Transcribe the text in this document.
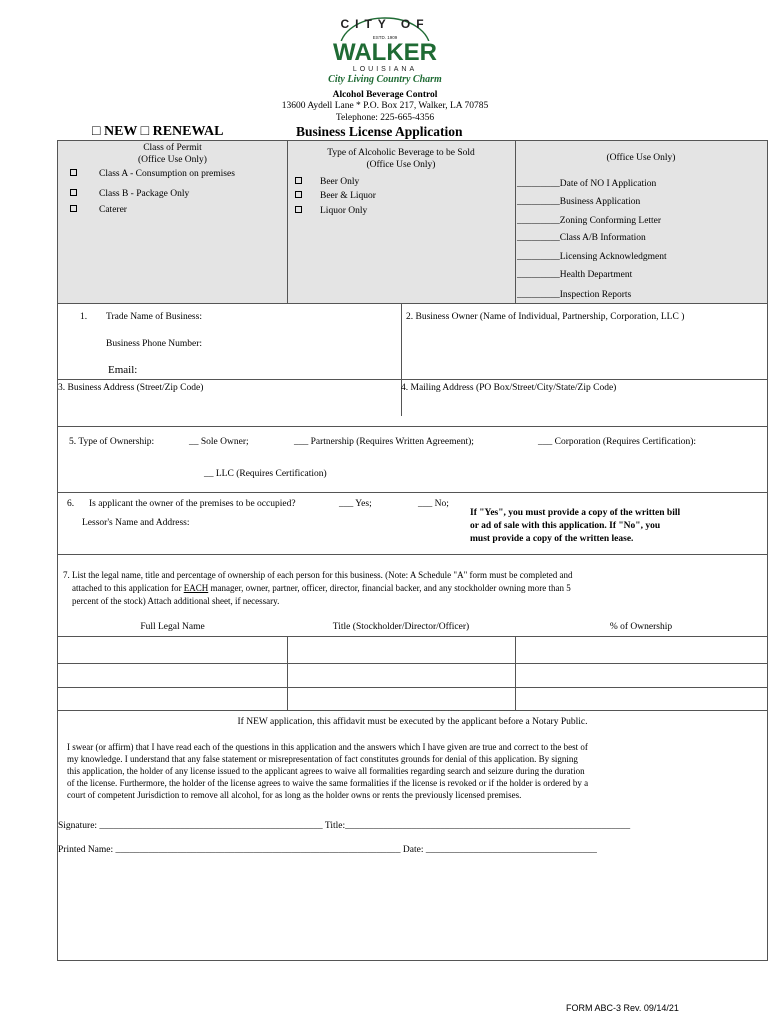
CITY OF
ESTD. 1909
WALKER
LOUISIANA
City Living Country Charm
Alcohol Beverage Control
13600 Aydell Lane * P.O. Box 217, Walker, LA 70785
Telephone: 225-665-4356
□ NEW □ RENEWAL	Business License Application
Class of Permit
(Office Use Only)
Class A - Consumption on premises
Class B - Package Only
Caterer
Type of Alcoholic Beverage to be Sold
(Office Use Only)
Beer Only
Beer & Liquor
Liquor Only
(Office Use Only)
_________Date of NO I Application
_________Business Application
_________Zoning Conforming Letter
_________Class A/B Information
_________Licensing Acknowledgment
_________Health Department
_________Inspection Reports
1. Trade Name of Business:
Business Phone Number:
Email:
2. Business Owner (Name of Individual, Partnership, Corporation, LLC )
3. Business Address (Street/Zip Code)	4. Mailing Address (PO Box/Street/City/State/Zip Code)
5. Type of Ownership:	__ Sole Owner;	___ Partnership (Requires Written Agreement);	___ Corporation (Requires Certification):
__ LLC (Requires Certification)
6. Is applicant the owner of the premises to be occupied?	___ Yes;	___ No;
Lessor's Name and Address:
If "Yes", you must provide a copy of the written bill
or ad of sale with this application. If "No", you
must provide a copy of the written lease.
7. List the legal name, title and percentage of ownership of each person for this business. (Note: A Schedule "A" form must be completed and
attached to this application for EACH manager, owner, partner, officer, director, financial backer, and any stockholder owning more than 5
percent of the stock) Attach additional sheet, if necessary.
Full Legal Name	Title (Stockholder/Director/Officer)	% of Ownership
If NEW application, this affidavit must be executed by the applicant before a Notary Public.
I swear (or affirm) that I have read each of the questions in this application and the answers which I have given are true and correct to the best of
my knowledge. I understand that any false statement or misrepresentation of fact constitutes grounds for denial of this application. By signing
this application, the holder of any license issued to the applicant agrees to waive all formalities regarding search and seizure during the duration
of the license. Furthermore, the holder of the license agrees to waive the same formalities if the license is revoked or if the holder is ordered by a
court of competent Jurisdiction to remove all alcohol, for as long as the holder owns or rents the previously licensed premises.
Signature: _______________________________________________ Title:____________________________________________________________
Printed Name: ____________________________________________________________ Date: ____________________________________
FORM ABC-3 Rev. 09/14/21
